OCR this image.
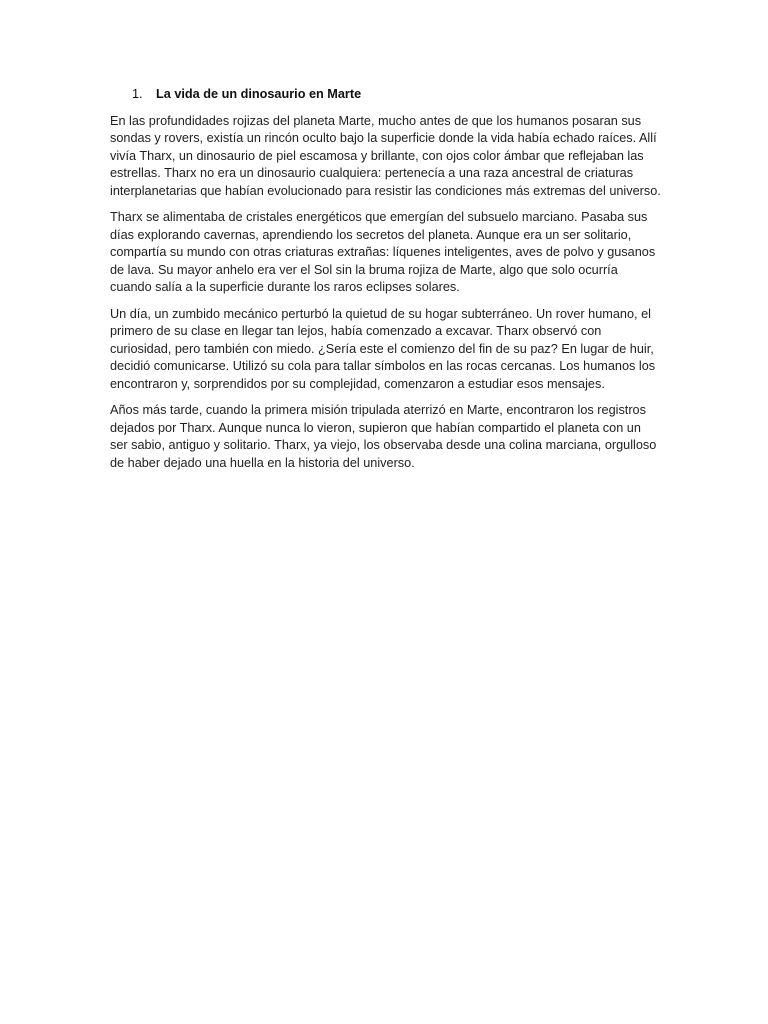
1.	La vida de un dinosaurio en Marte

En las profundidades rojizas del planeta Marte, mucho antes de que los humanos posaran sus sondas y rovers, existía un rincón oculto bajo la superficie donde la vida había echado raíces. Allí vivía Tharx, un dinosaurio de piel escamosa y brillante, con ojos color ámbar que reflejaban las estrellas. Tharx no era un dinosaurio cualquiera: pertenecía a una raza ancestral de criaturas interplanetarias que habían evolucionado para resistir las condiciones más extremas del universo.

Tharx se alimentaba de cristales energéticos que emergían del subsuelo marciano. Pasaba sus días explorando cavernas, aprendiendo los secretos del planeta. Aunque era un ser solitario, compartía su mundo con otras criaturas extrañas: líquenes inteligentes, aves de polvo y gusanos de lava. Su mayor anhelo era ver el Sol sin la bruma rojiza de Marte, algo que solo ocurría cuando salía a la superficie durante los raros eclipses solares.

Un día, un zumbido mecánico perturbó la quietud de su hogar subterráneo. Un rover humano, el primero de su clase en llegar tan lejos, había comenzado a excavar. Tharx observó con curiosidad, pero también con miedo. ¿Sería este el comienzo del fin de su paz? En lugar de huir, decidió comunicarse. Utilizó su cola para tallar símbolos en las rocas cercanas. Los humanos los encontraron y, sorprendidos por su complejidad, comenzaron a estudiar esos mensajes.

Años más tarde, cuando la primera misión tripulada aterrizó en Marte, encontraron los registros dejados por Tharx. Aunque nunca lo vieron, supieron que habían compartido el planeta con un ser sabio, antiguo y solitario. Tharx, ya viejo, los observaba desde una colina marciana, orgulloso de haber dejado una huella en la historia del universo.
